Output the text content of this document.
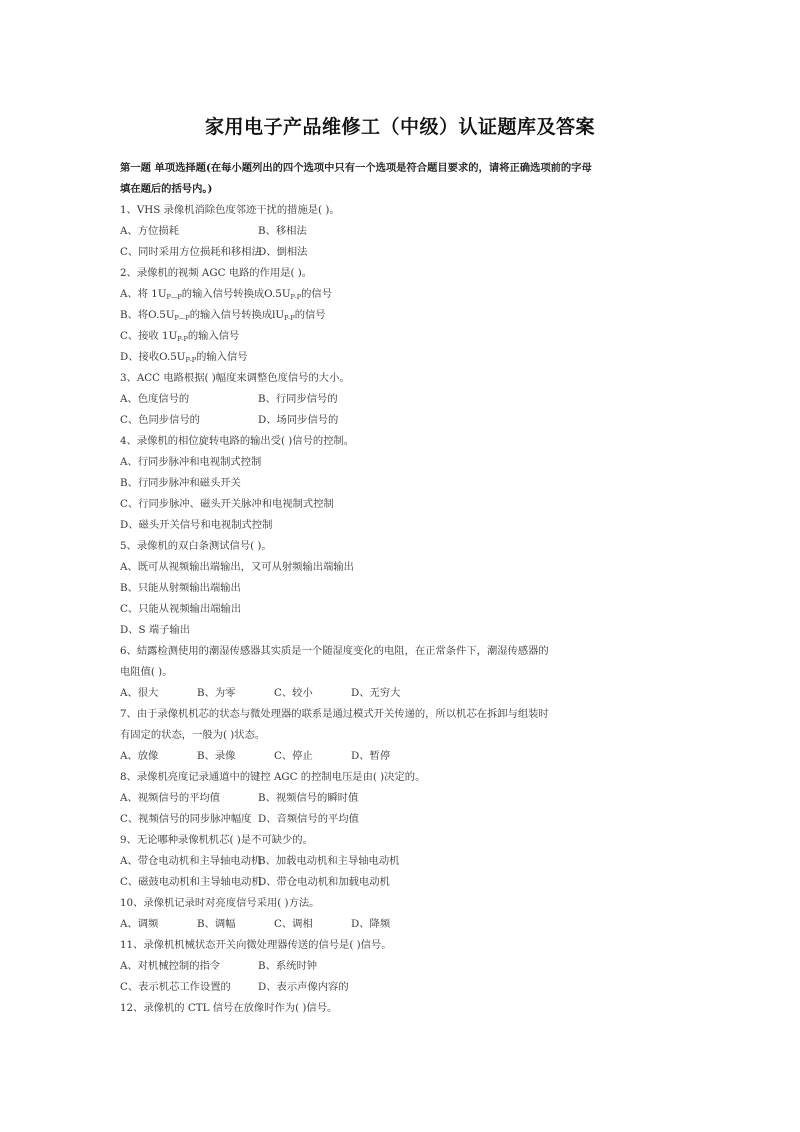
家用电子产品维修工（中级）认证题库及答案
第一题 单项选择题(在每小题列出的四个选项中只有一个选项是符合题目要求的，请将正确选项前的字母
填在题后的括号内。)
1、VHS 录像机消除色度邻迹干扰的措施是( )。
A、方位损耗	B、移相法
C、同时采用方位损耗和移相法D、倒相法
2、录像机的视频 AGC 电路的作用是( )。
A、将 $1U_{P—P}$的输入信号转换成$O.5U_{P-P}$的信号
B、将$O.5U_{P—P}$的输入信号转换成$lU_{P-P}$的信号
C、接收 $1U_{P-P}$的输入信号
D、接收$O.5U_{P-P}$的输入信号
3、ACC 电路根据( )幅度来调整色度信号的大小。
A、色度信号的	B、行同步信号的
C、色同步信号的	D、场同步信号的
4、录像机的相位旋转电路的输出受( )信号的控制。
A、行同步脉冲和电视制式控制
B、行同步脉冲和磁头开关
C、行同步脉冲、磁头开关脉冲和电视制式控制
D、磁头开关信号和电视制式控制
5、录像机的双白条测试信号( )。
A、既可从视频输出端输出，又可从射频输出端输出
B、只能从射频输出端输出
C、只能从视频输出端输出
D、S 端子输出
6、結露检测使用的潮湿传感器其实质是一个随湿度变化的电阻，在正常条件下，潮湿传感器的
电阻值( )。
A、很大	B、为零	C、较小	D、无穷大
7、由于录像机机芯的状态与微处理器的联系是通过模式开关传递的，所以机芯在拆卸与组装时
有固定的状态，一般为( )状态。
A、放像	B、录像	C、停止	D、暂停
8、录像机亮度记录通道中的键控 AGC 的控制电压是由( )决定的。
A、视频信号的平均值	B、视频信号的瞬时值
C、视频信号的同步脉冲幅度 D、音频信号的平均值
9、无论哪种录像机机芯( )是不可缺少的。
A、带仓电动机和主导轴电动机B、加载电动机和主导轴电动机
C、磁鼓电动机和主导轴电动机D、带仓电动机和加载电动机
10、录像机记录时对亮度信号采用( )方法。
A、调频	B、调幅	C、调相	D、降频
11、录像机机械状态开关向微处理器传送的信号是( )信号。
A、对机械控制的指令	B、系统时钟
C、表示机芯工作设置的	D、表示声像内容的
12、录像机的 CTL 信号在放像时作为( )信号。
